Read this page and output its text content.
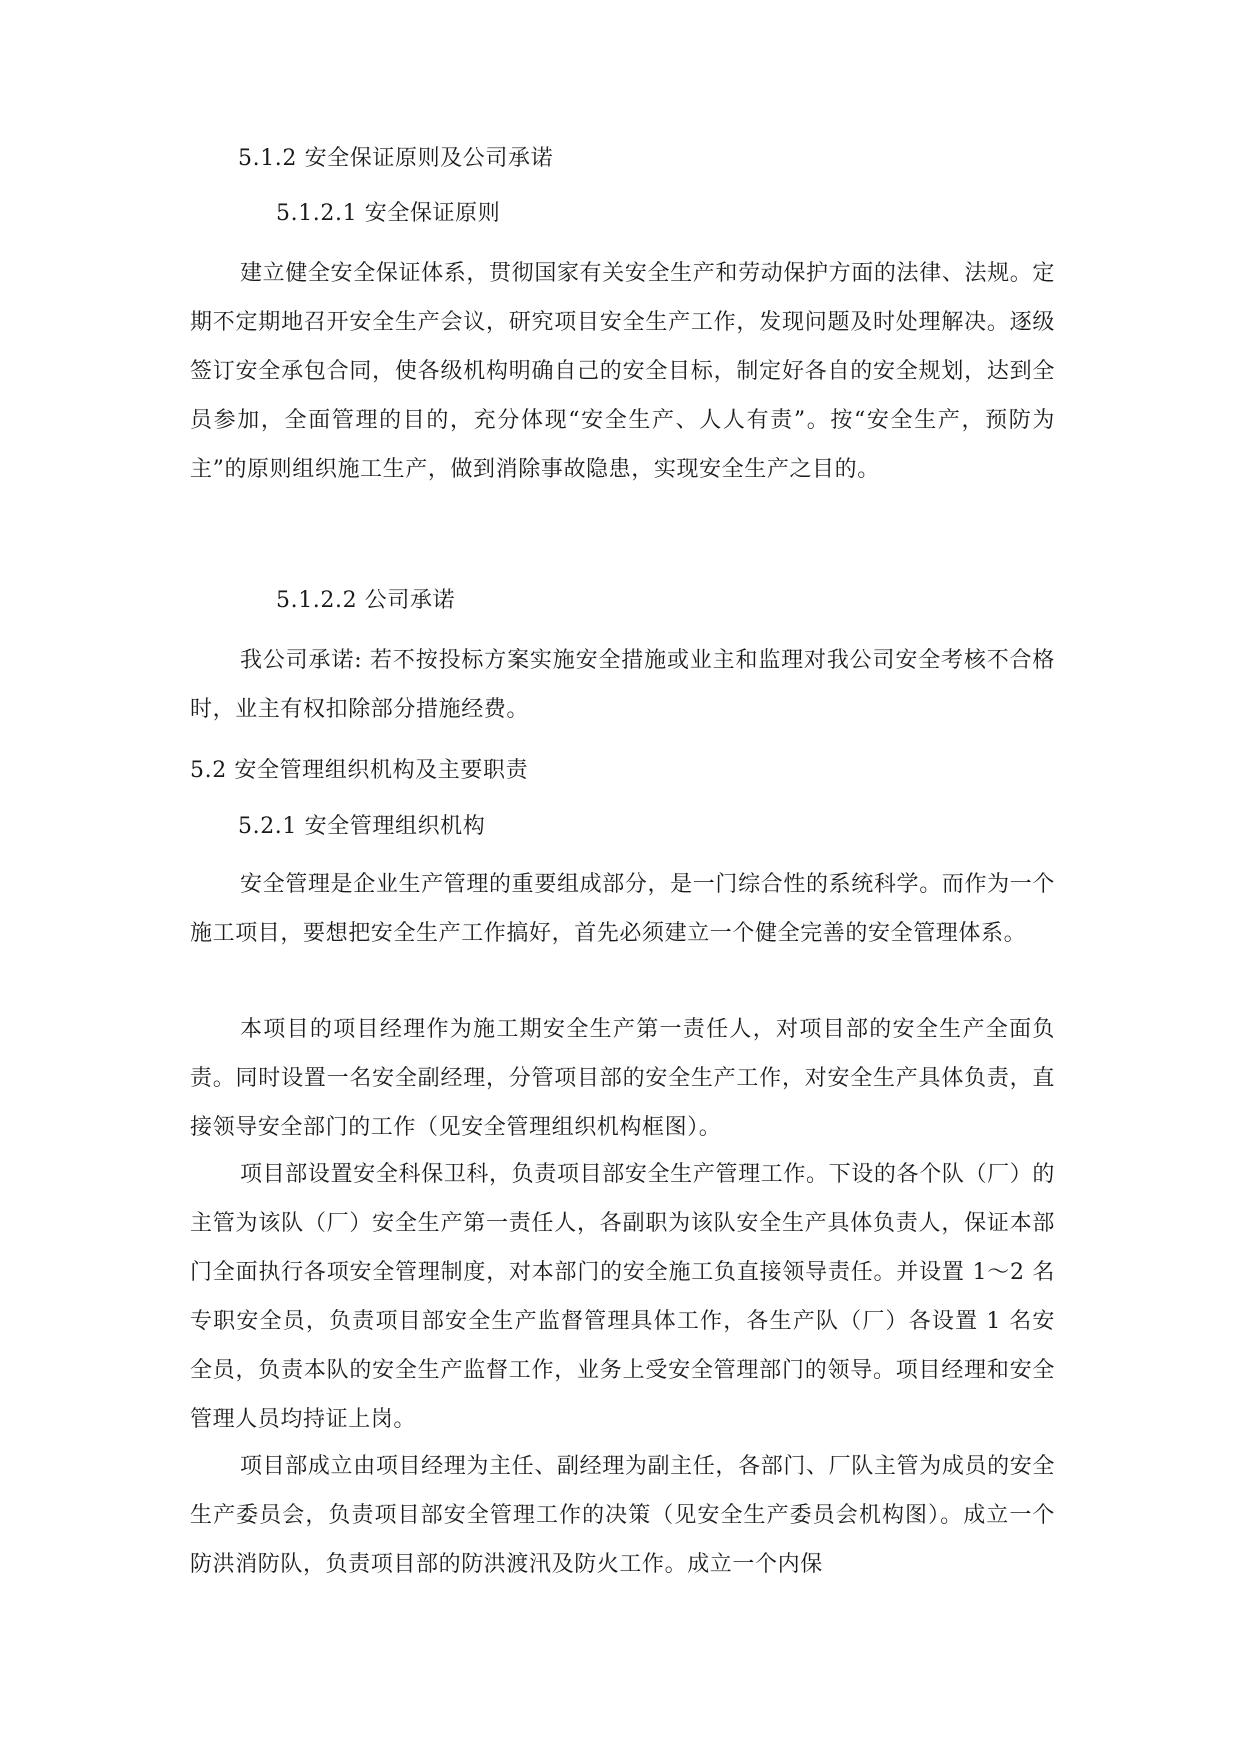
5.1.2 安全保证原则及公司承诺
5.1.2.1 安全保证原则
建立健全安全保证体系，贯彻国家有关安全生产和劳动保护方面的法律、法规。定期不定期地召开安全生产会议，研究项目安全生产工作，发现问题及时处理解决。逐级签订安全承包合同，使各级机构明确自己的安全目标，制定好各自的安全规划，达到全员参加，全面管理的目的，充分体现“安全生产、人人有责”。按“安全生产，预防为主”的原则组织施工生产，做到消除事故隐患，实现安全生产之目的。
5.1.2.2 公司承诺
我公司承诺: 若不按投标方案实施安全措施或业主和监理对我公司安全考核不合格时，业主有权扣除部分措施经费。
5.2 安全管理组织机构及主要职责
5.2.1 安全管理组织机构
安全管理是企业生产管理的重要组成部分，是一门综合性的系统科学。而作为一个施工项目，要想把安全生产工作搞好，首先必须建立一个健全完善的安全管理体系。
本项目的项目经理作为施工期安全生产第一责任人，对项目部的安全生产全面负责。同时设置一名安全副经理，分管项目部的安全生产工作，对安全生产具体负责，直接领导安全部门的工作（见安全管理组织机构框图）。
项目部设置安全科保卫科，负责项目部安全生产管理工作。下设的各个队（厂）的主管为该队（厂）安全生产第一责任人，各副职为该队安全生产具体负责人，保证本部门全面执行各项安全管理制度，对本部门的安全施工负直接领导责任。并设置 1～2 名专职安全员，负责项目部安全生产监督管理具体工作，各生产队（厂）各设置 1 名安全员，负责本队的安全生产监督工作，业务上受安全管理部门的领导。项目经理和安全管理人员均持证上岗。
项目部成立由项目经理为主任、副经理为副主任，各部门、厂队主管为成员的安全生产委员会，负责项目部安全管理工作的决策（见安全生产委员会机构图）。成立一个防洪消防队，负责项目部的防洪渡汛及防火工作。成立一个内保
